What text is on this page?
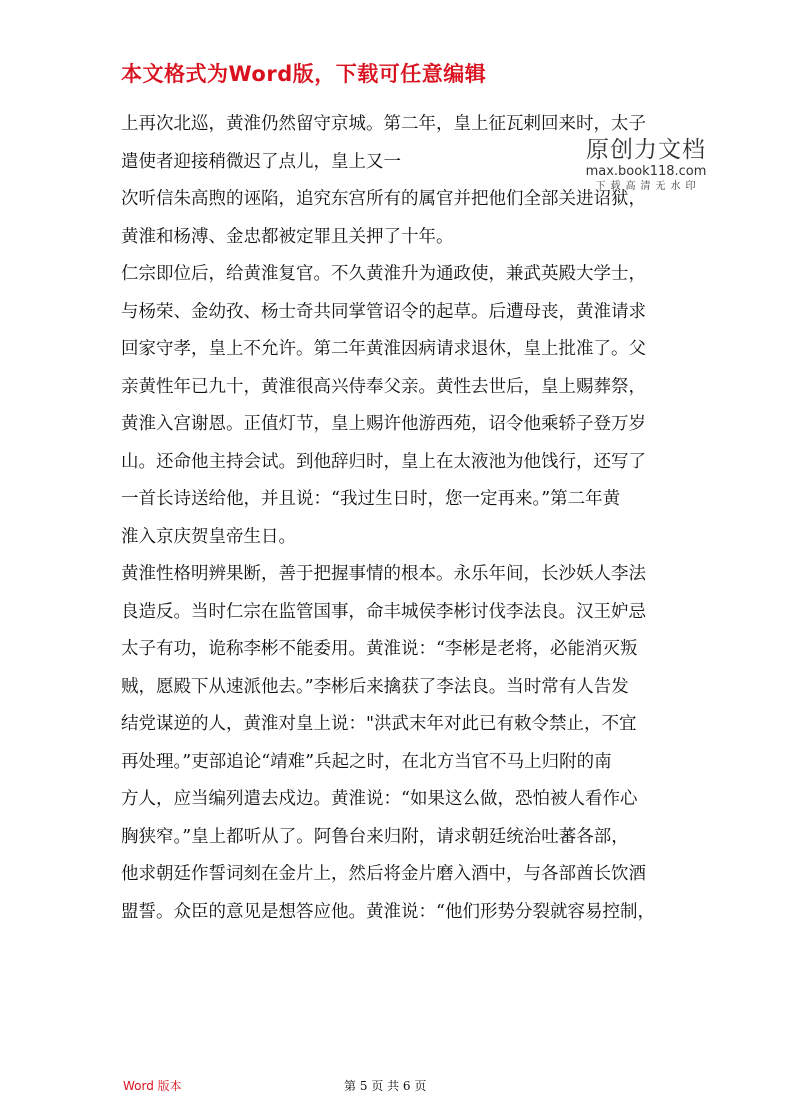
本文格式为Word版，下载可任意编辑
原创力文档
max.book118.com
下载高清无水印

上再次北巡，黄淮仍然留守京城。第二年，皇上征瓦剌回来时，太子

遣使者迎接稍微迟了点儿，皇上又一

次听信朱高煦的诬陷，追究东宫所有的属官并把他们全部关进诏狱，

黄淮和杨溥、金忠都被定罪且关押了十年。

仁宗即位后，给黄淮复官。不久黄淮升为通政使，兼武英殿大学士，

与杨荣、金幼孜、杨士奇共同掌管诏令的起草。后遭母丧，黄淮请求

回家守孝，皇上不允许。第二年黄淮因病请求退休，皇上批准了。父

亲黄性年已九十，黄淮很高兴侍奉父亲。黄性去世后，皇上赐葬祭，

黄淮入宫谢恩。正值灯节，皇上赐许他游西苑，诏令他乘轿子登万岁

山。还命他主持会试。到他辞归时，皇上在太液池为他饯行，还写了

一首长诗送给他，并且说：“我过生日时，您一定再来。”第二年黄

淮入京庆贺皇帝生日。

黄淮性格明辨果断，善于把握事情的根本。永乐年间，长沙妖人李法

良造反。当时仁宗在监管国事，命丰城侯李彬讨伐李法良。汉王妒忌

太子有功，诡称李彬不能委用。黄淮说：“李彬是老将，必能消灭叛

贼，愿殿下从速派他去。”李彬后来擒获了李法良。当时常有人告发

结党谋逆的人，黄淮对皇上说："洪武末年对此已有敕令禁止，不宜

再处理。”吏部追论“靖难”兵起之时，在北方当官不马上归附的南

方人，应当编列遣去戍边。黄淮说：“如果这么做，恐怕被人看作心

胸狭窄。”皇上都听从了。阿鲁台来归附，请求朝廷统治吐蕃各部，

他求朝廷作誓词刻在金片上，然后将金片磨入酒中，与各部酋长饮酒

盟誓。众臣的意见是想答应他。黄淮说：“他们形势分裂就容易控制，

Word 版本	第 5 页 共 6 页
